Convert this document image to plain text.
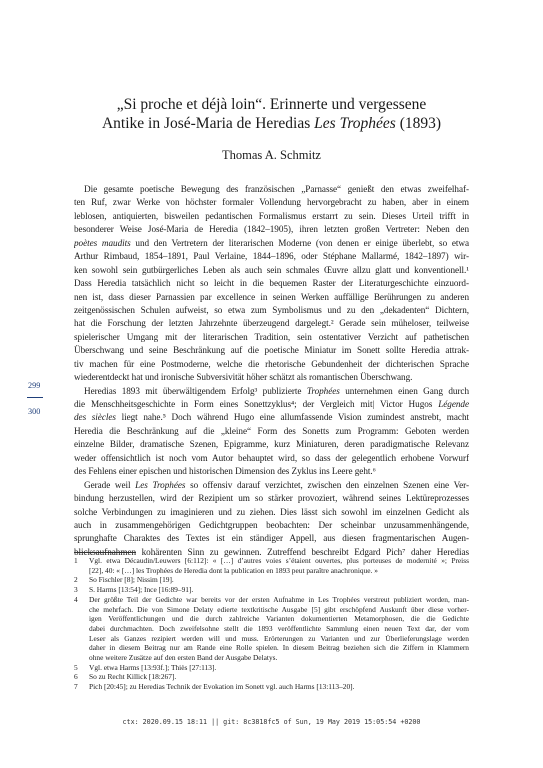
„Si proche et déjà loin“. Erinnerte und vergessene
Antike in José-Maria de Heredias Les Trophées (1893)
Thomas A. Schmitz
299
300
Die gesamte poetische Bewegung des französischen „Parnasse“ genießt den etwas zweifelhaf-
ten Ruf, zwar Werke von höchster formaler Vollendung hervorgebracht zu haben, aber in einem
leblosen, antiquierten, bisweilen pedantischen Formalismus erstarrt zu sein. Dieses Urteil trifft in
besonderer Weise José-Maria de Heredia (1842–1905), ihren letzten großen Vertreter: Neben den
poètes maudits und den Vertretern der literarischen Moderne (von denen er einige überlebt, so etwa
Arthur Rimbaud, 1854–1891, Paul Verlaine, 1844–1896, oder Stéphane Mallarmé, 1842–1897) wir-
ken sowohl sein gutbürgerliches Leben als auch sein schmales Œuvre allzu glatt und konventionell.¹
Dass Heredia tatsächlich nicht so leicht in die bequemen Raster der Literaturgeschichte einzuord-
nen ist, dass dieser Parnassien par excellence in seinen Werken auffällige Berührungen zu anderen
zeitgenössischen Schulen aufweist, so etwa zum Symbolismus und zu den „dekadenten“ Dichtern,
hat die Forschung der letzten Jahrzehnte überzeugend dargelegt.² Gerade sein müheloser, teilweise
spielerischer Umgang mit der literarischen Tradition, sein ostentativer Verzicht auf pathetischen
Überschwang und seine Beschränkung auf die poetische Miniatur im Sonett sollte Heredia attrak-
tiv machen für eine Postmoderne, welche die rhetorische Gebundenheit der dichterischen Sprache
wiederentdeckt hat und ironische Subversivität höher schätzt als romantischen Überschwang.
Heredias 1893 mit überwältigendem Erfolg³ publizierte Trophées unternehmen einen Gang durch
die Menschheitsgeschichte in Form eines Sonettzyklus⁴; der Vergleich mit| Victor Hugos Légende
des siècles liegt nahe.⁵ Doch während Hugo eine allumfassende Vision zumindest anstrebt, macht
Heredia die Beschränkung auf die „kleine“ Form des Sonetts zum Programm: Geboten werden
einzelne Bilder, dramatische Szenen, Epigramme, kurz Miniaturen, deren paradigmatische Relevanz
weder offensichtlich ist noch vom Autor behauptet wird, so dass der gelegentlich erhobene Vorwurf
des Fehlens einer epischen und historischen Dimension des Zyklus ins Leere geht.⁶
Gerade weil Les Trophées so offensiv darauf verzichtet, zwischen den einzelnen Szenen eine Ver-
bindung herzustellen, wird der Rezipient um so stärker provoziert, während seines Lektüreprozesses
solche Verbindungen zu imaginieren und zu ziehen. Dies lässt sich sowohl im einzelnen Gedicht als
auch in zusammengehörigen Gedichtgruppen beobachten: Der scheinbar unzusammenhängende,
sprunghafte Charaktes des Textes ist ein ständiger Appell, aus diesen fragmentarischen Augen-
blicksaufnahmen kohärenten Sinn zu gewinnen. Zutreffend beschreibt Edgard Pich⁷ daher Heredias
1	Vgl. etwa Décaudin/Leuwers [6:112]: « […] d’autres voies s’étaient ouvertes, plus porteuses de modernité »; Preiss
[22], 40: « […] les Trophées de Heredia dont la publication en 1893 peut paraître anachronique. »
2	So Fischler [8]; Nissim [19].
3	S. Harms [13:54]; Ince [16:89–91].
4	Der größte Teil der Gedichte war bereits vor der ersten Aufnahme in Les Trophées verstreut publiziert worden, man-
che mehrfach. Die von Simone Delaty edierte textkritische Ausgabe [5] gibt erschöpfend Auskunft über diese vorher-
igen Veröffentlichungen und die durch zahlreiche Varianten dokumentierten Metamorphosen, die die Gedichte
dabei durchmachten. Doch zweifelsohne stellt die 1893 veröffentlichte Sammlung einen neuen Text dar, der vom
Leser als Ganzes rezipiert werden will und muss. Erörterungen zu Varianten und zur Überlieferungslage werden
daher in diesem Beitrag nur am Rande eine Rolle spielen. In diesem Beitrag beziehen sich die Ziffern in Klammern
ohne weitere Zusätze auf den ersten Band der Ausgabe Delatys.
5	Vgl. etwa Harms [13:93f.]; Thiès [27:113].
6	So zu Recht Killick [18:267].
7	Pich [20:45]; zu Heredias Technik der Evokation im Sonett vgl. auch Harms [13:113–20].
ctx: 2020.09.15 18:11 || git: 8c3818fc5 of Sun, 19 May 2019 15:05:54 +0200
